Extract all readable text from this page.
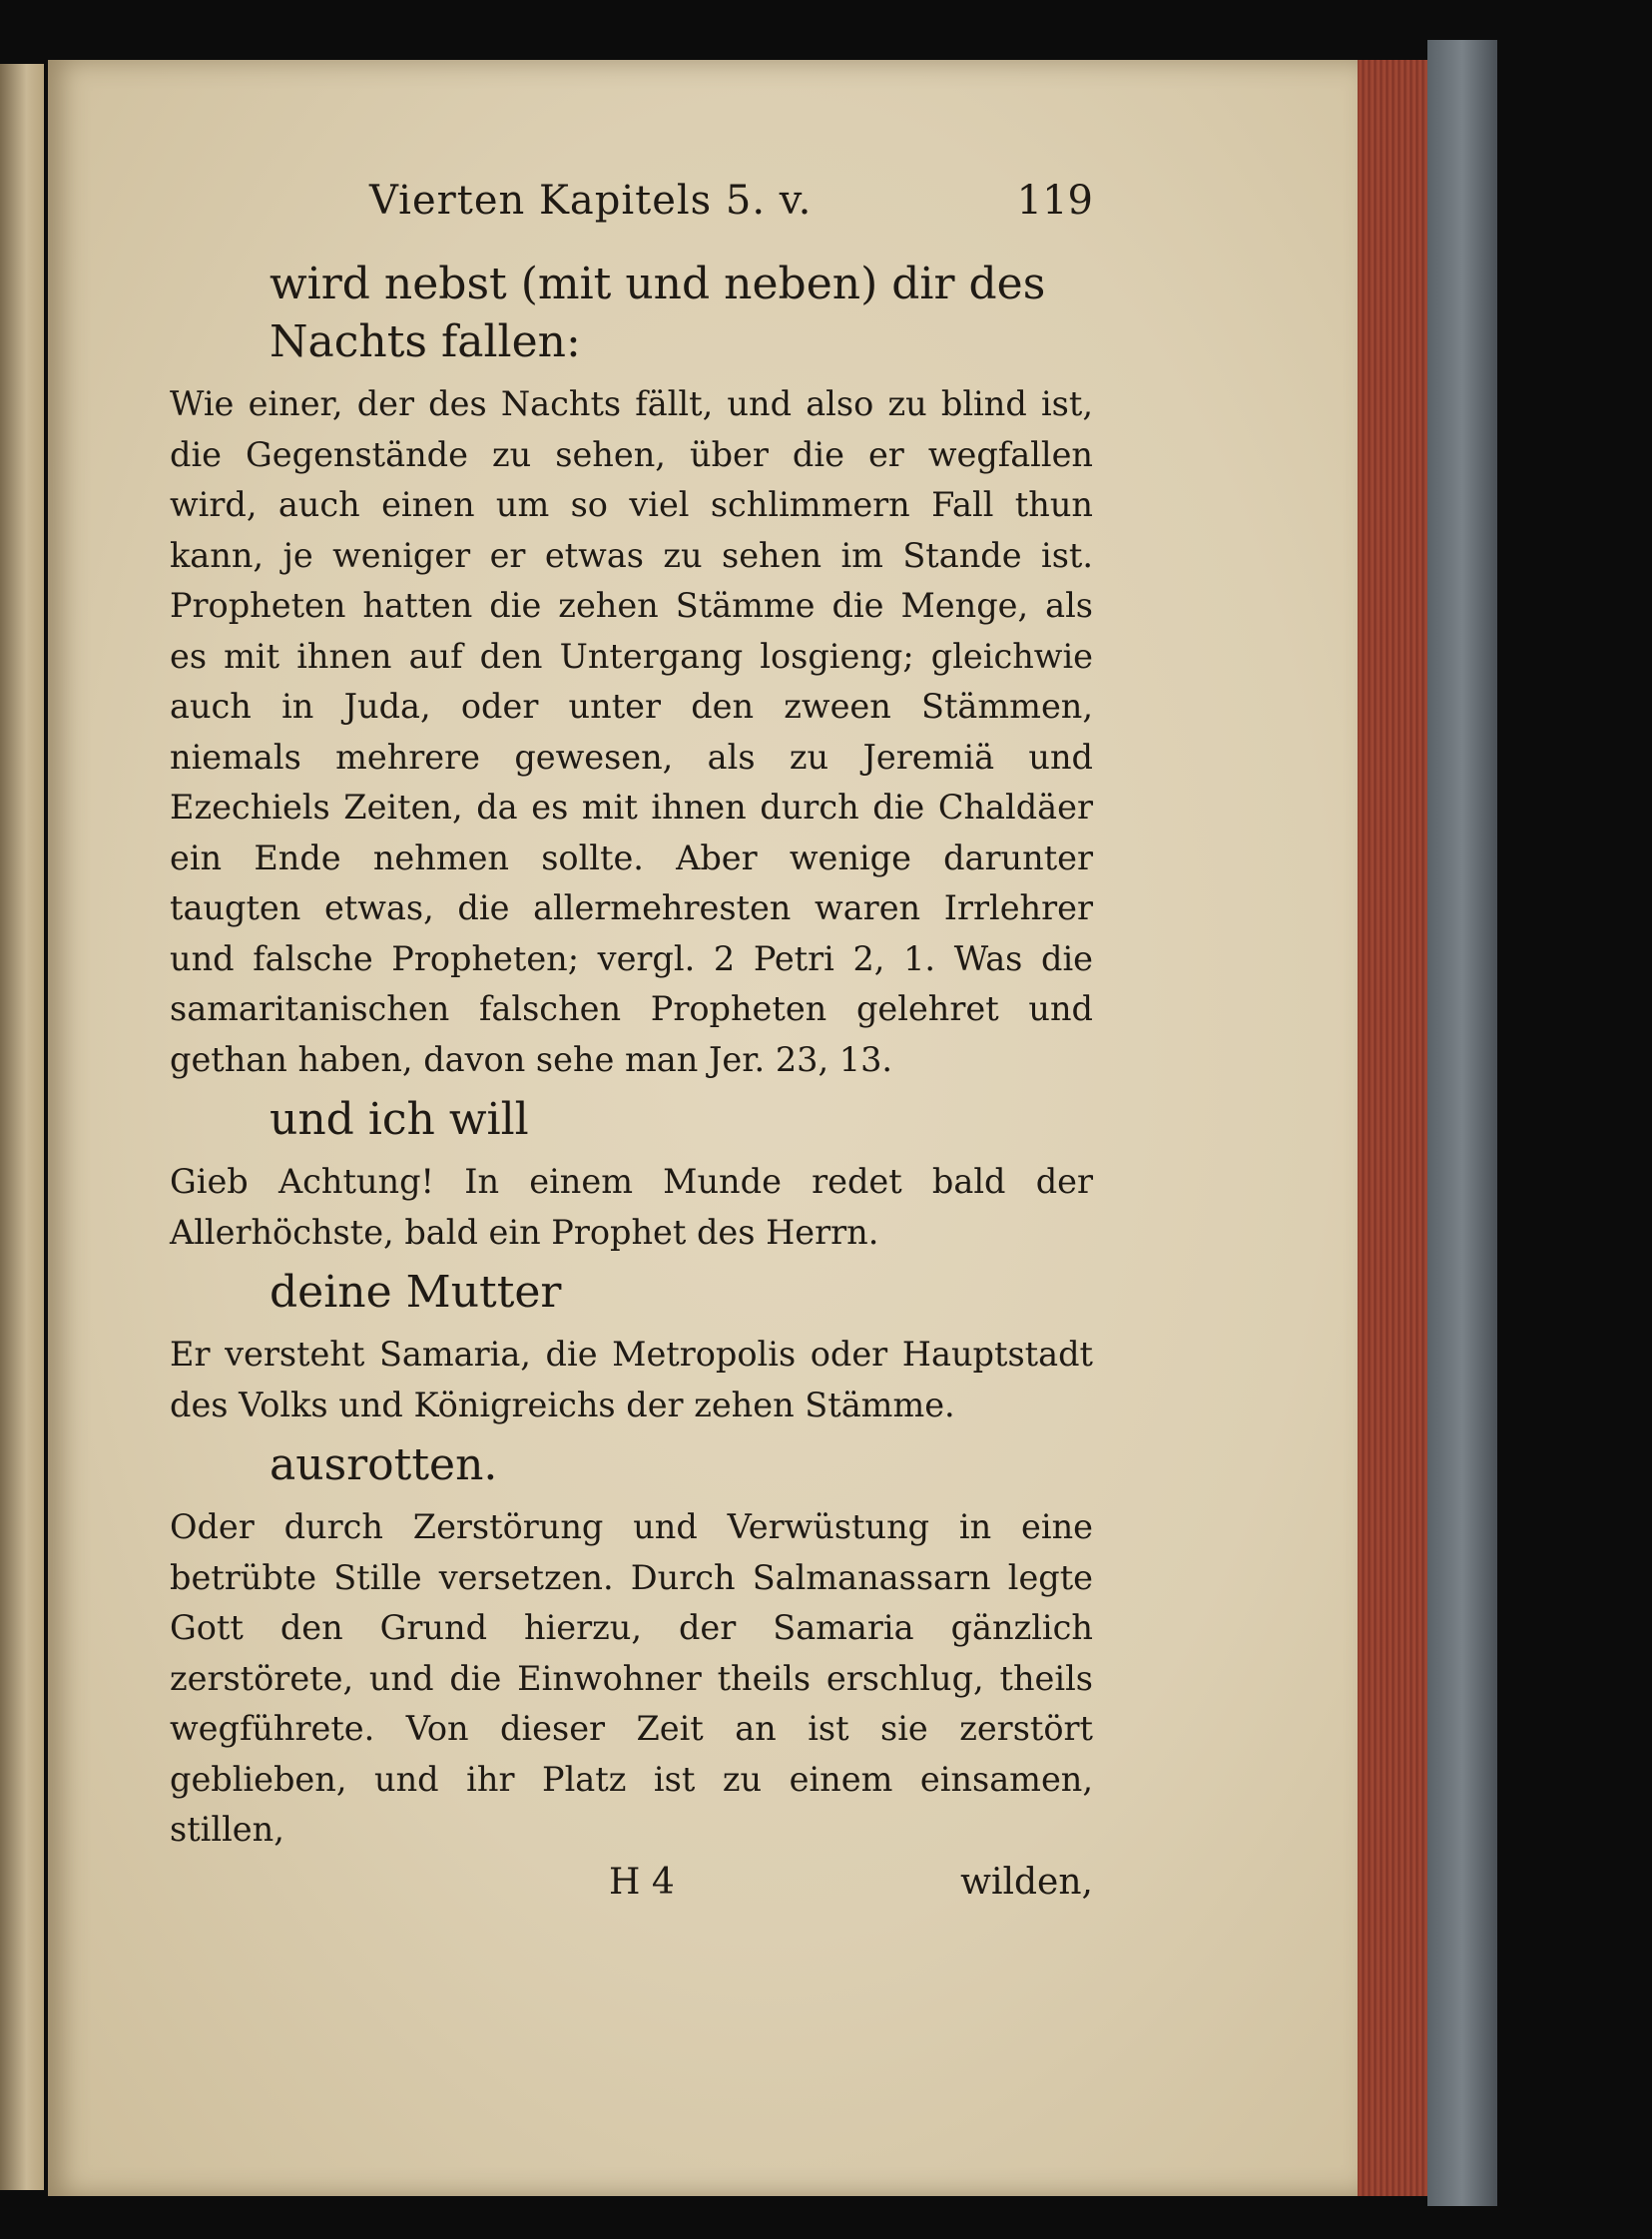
Vierten Kapitels 5. v.	119
wird nebst (mit und neben) dir des Nachts fallen:
Wie einer, der des Nachts fällt, und also zu blind ist, die Gegenstände zu sehen, über die er wegfallen wird, auch einen um so viel schlimmern Fall thun kann, je weniger er etwas zu sehen im Stande ist. Propheten hatten die zehen Stämme die Menge, als es mit ihnen auf den Untergang losgieng; gleichwie auch in Juda, oder unter den zween Stämmen, niemals mehrere gewesen, als zu Jeremiä und Ezechiels Zeiten, da es mit ihnen durch die Chaldäer ein Ende nehmen sollte. Aber wenige darunter taugten etwas, die allermehresten waren Irrlehrer und falsche Propheten; vergl. 2 Petri 2, 1. Was die samaritanischen falschen Propheten gelehret und gethan haben, davon sehe man Jer. 23, 13.
und ich will
Gieb Achtung! In einem Munde redet bald der Allerhöchste, bald ein Prophet des Herrn.
deine Mutter
Er versteht Samaria, die Metropolis oder Hauptstadt des Volks und Königreichs der zehen Stämme.
ausrotten.
Oder durch Zerstörung und Verwüstung in eine betrübte Stille versetzen. Durch Salmanassarn legte Gott den Grund hierzu, der Samaria gänzlich zerstörete, und die Einwohner theils erschlug, theils wegführete. Von dieser Zeit an ist sie zerstört geblieben, und ihr Platz ist zu einem einsamen, stillen,
H 4	wilden,
